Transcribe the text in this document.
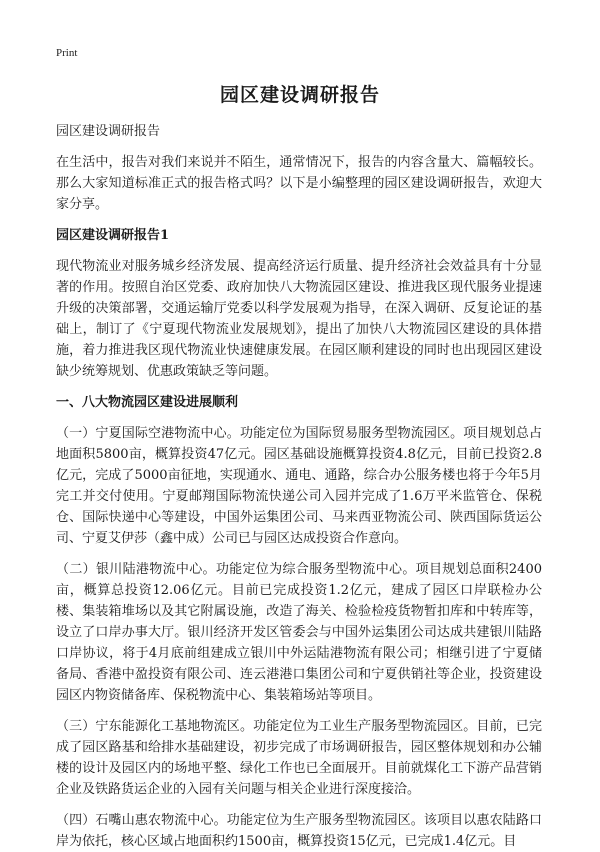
Print
园区建设调研报告

园区建设调研报告

在生活中，报告对我们来说并不陌生，通常情况下，报告的内容含量大、篇幅较长。那么大家知道标准正式的报告格式吗？以下是小编整理的园区建设调研报告，欢迎大家分享。

园区建设调研报告1

现代物流业对服务城乡经济发展、提高经济运行质量、提升经济社会效益具有十分显著的作用。按照自治区党委、政府加快八大物流园区建设、推进我区现代服务业提速升级的决策部署，交通运输厅党委以科学发展观为指导，在深入调研、反复论证的基础上，制订了《宁夏现代物流业发展规划》，提出了加快八大物流园区建设的具体措施，着力推进我区现代物流业快速健康发展。在园区顺利建设的同时也出现园区建设缺少统筹规划、优惠政策缺乏等问题。

一、八大物流园区建设进展顺利

（一）宁夏国际空港物流中心。功能定位为国际贸易服务型物流园区。项目规划总占地面积5800亩，概算投资47亿元。园区基础设施概算投资4.8亿元，目前已投资2.8亿元，完成了5000亩征地，实现通水、通电、通路，综合办公服务楼也将于今年5月完工并交付使用。宁夏邮翔国际物流快递公司入园并完成了1.6万平米监管仓、保税仓、国际快递中心等建设，中国外运集团公司、马来西亚物流公司、陕西国际货运公司、宁夏艾伊莎（鑫中成）公司已与园区达成投资合作意向。

（二）银川陆港物流中心。功能定位为综合服务型物流中心。项目规划总面积2400亩，概算总投资12.06亿元。目前已完成投资1.2亿元，建成了园区口岸联检办公楼、集装箱堆场以及其它附属设施，改造了海关、检验检疫货物暂扣库和中转库等，设立了口岸办事大厅。银川经济开发区管委会与中国外运集团公司达成共建银川陆路口岸协议，将于4月底前组建成立银川中外运陆港物流有限公司；相继引进了宁夏储备局、香港中盈投资有限公司、连云港港口集团公司和宁夏供销社等企业，投资建设园区内物资储备库、保税物流中心、集装箱场站等项目。

（三）宁东能源化工基地物流区。功能定位为工业生产服务型物流园区。目前，已完成了园区路基和给排水基础建设，初步完成了市场调研报告，园区整体规划和办公辅楼的设计及园区内的场地平整、绿化工作也已全面展开。目前就煤化工下游产品营销企业及铁路货运企业的入园有关问题与相关企业进行深度接洽。

（四）石嘴山惠农物流中心。功能定位为生产服务型物流园区。该项目以惠农陆路口岸为依托，核心区域占地面积约1500亩，概算投资15亿元，已完成1.4亿元。目
